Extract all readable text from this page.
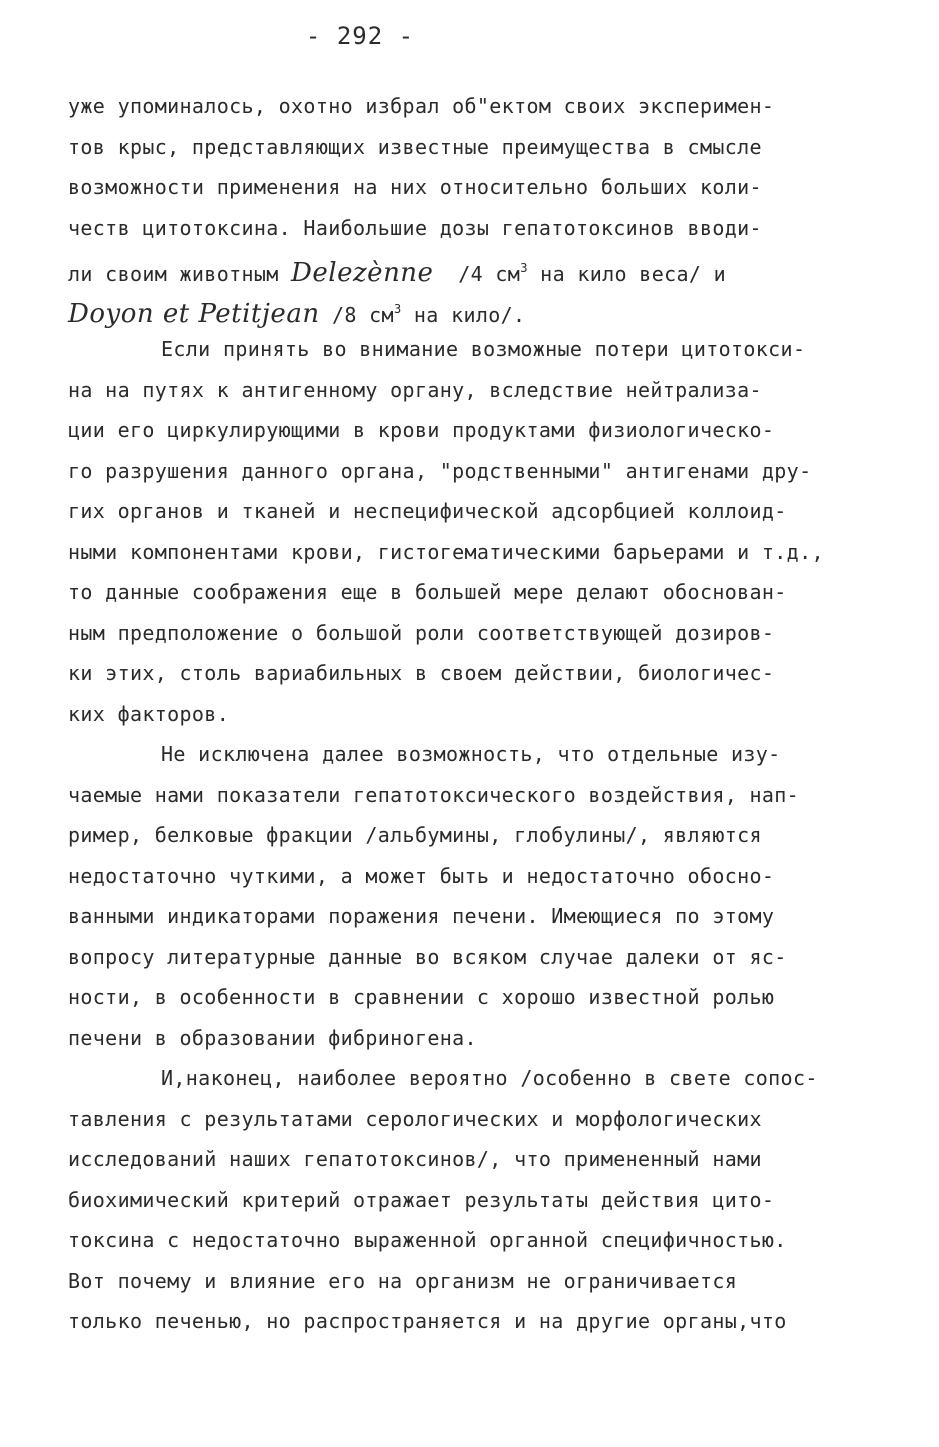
- 292 -
уже упоминалось, охотно избрал об"ектом своих эксперимен-
тов крыс, представляющих известные преимущества в смысле
возможности применения на них относительно больших коли-
честв цитотоксина. Наибольшие дозы гепатотоксинов вводи-
ли своим животным Delezènne  /4 $см^3$ на кило веса/ и
Doyon et Petitjean /8 $см^3$ на кило/.
Если принять во внимание возможные потери цитотокси-
на на путях к антигенному органу, вследствие нейтрализа-
ции его циркулирующими в крови продуктами физиологическо-
го разрушения данного органа, "родственными" антигенами дру-
гих органов и тканей и неспецифической адсорбцией коллоид-
ными компонентами крови, гистогематическими барьерами и т.д.,
то данные соображения еще в большей мере делают обоснован-
ным предположение о большой роли соответствующей дозиров-
ки этих, столь вариабильных в своем действии, биологичес-
ких факторов.
Не исключена далее возможность, что отдельные изу-
чаемые нами показатели гепатотоксического воздействия, нап-
ример, белковые фракции /альбумины, глобулины/, являются
недостаточно чуткими, а может быть и недостаточно обосно-
ванными индикаторами поражения печени. Имеющиеся по этому
вопросу литературные данные во всяком случае далеки от яс-
ности, в особенности в сравнении с хорошо известной ролью
печени в образовании фибриногена.
И,наконец, наиболее вероятно /особенно в свете сопос-
тавления с результатами серологических и морфологических
исследований наших гепатотоксинов/, что примененный нами
биохимический критерий отражает результаты действия цито-
токсина с недостаточно выраженной органной специфичностью.
Вот почему и влияние его на организм не ограничивается
только печенью, но распространяется и на другие органы,что
